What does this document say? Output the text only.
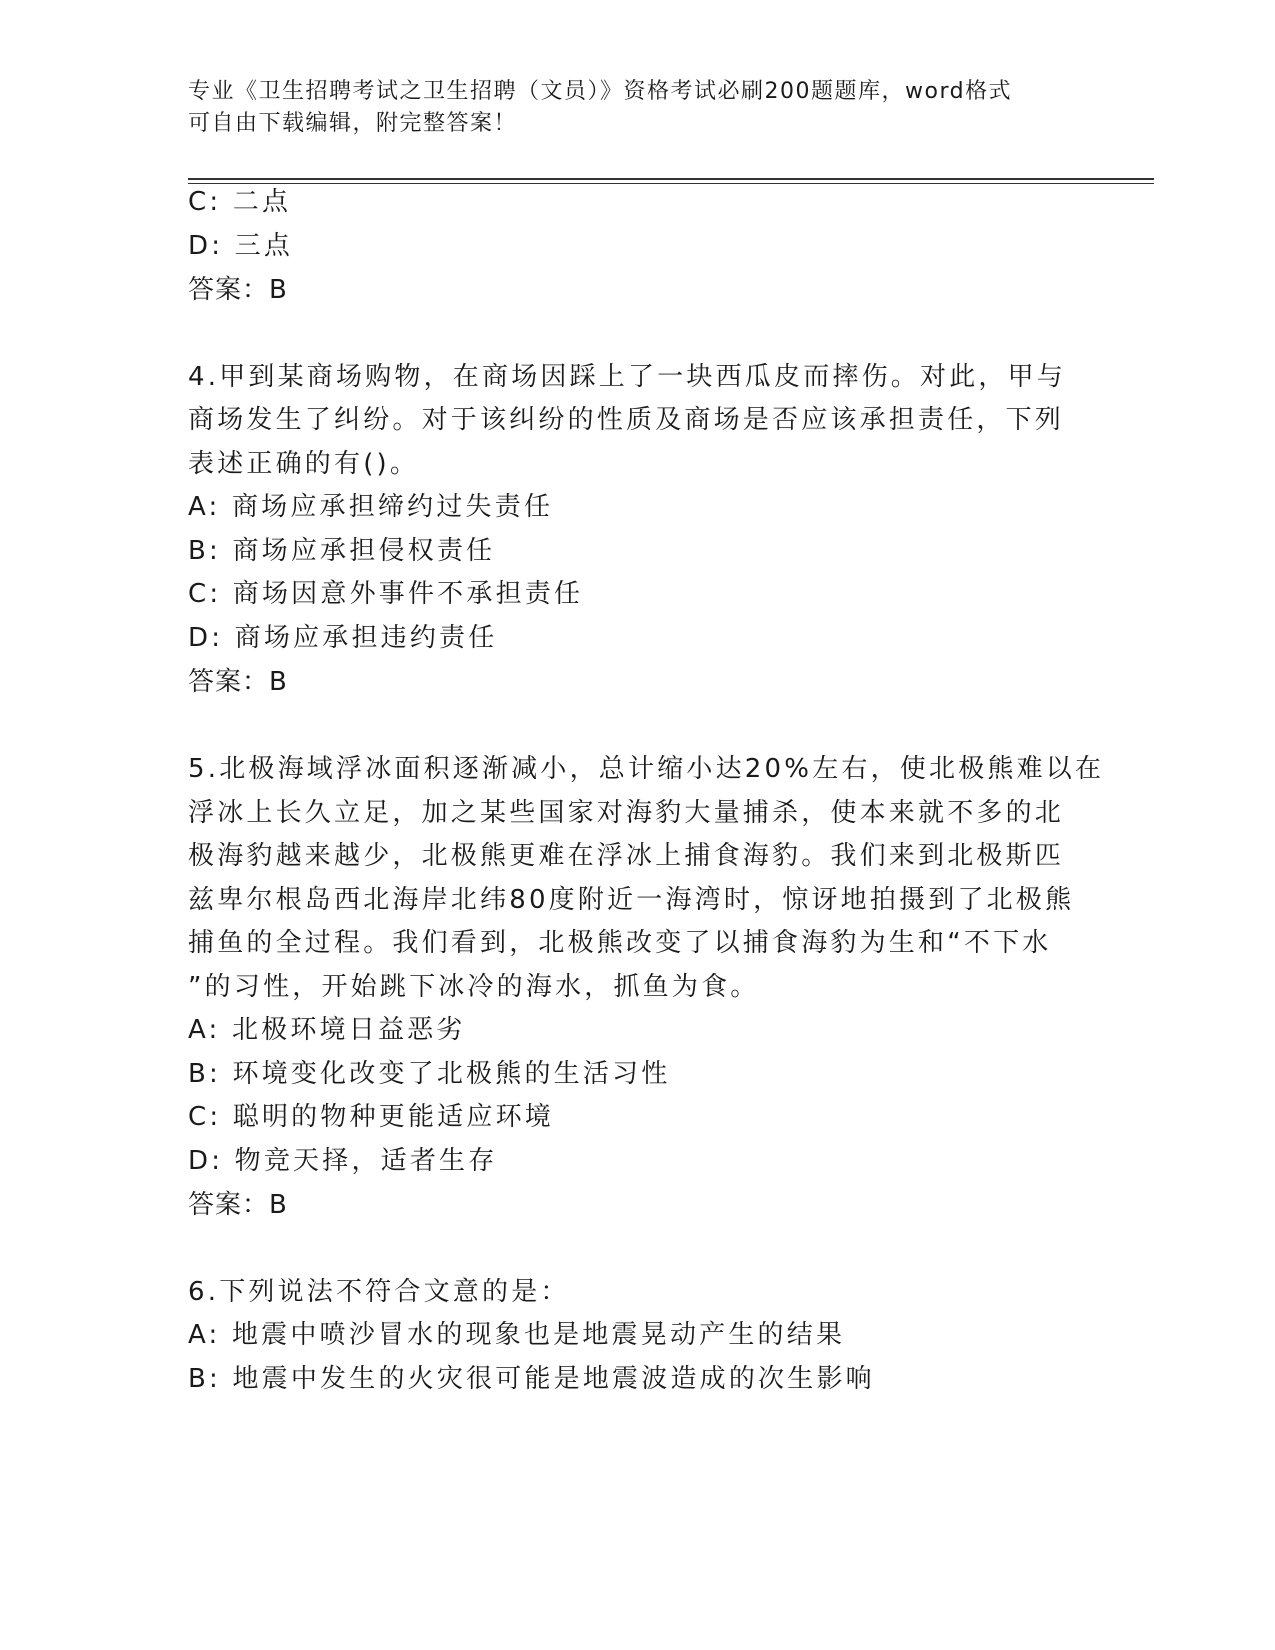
专业《卫生招聘考试之卫生招聘（文员）》资格考试必刷200题题库，word格式
可自由下载编辑，附完整答案！
C: 二点
D: 三点
答案：B
4.甲到某商场购物，在商场因踩上了一块西瓜皮而摔伤。对此，甲与
商场发生了纠纷。对于该纠纷的性质及商场是否应该承担责任，下列
表述正确的有()。
A: 商场应承担缔约过失责任
B: 商场应承担侵权责任
C: 商场因意外事件不承担责任
D: 商场应承担违约责任
答案：B
5.北极海域浮冰面积逐渐减小，总计缩小达20%左右，使北极熊难以在
浮冰上长久立足，加之某些国家对海豹大量捕杀，使本来就不多的北
极海豹越来越少，北极熊更难在浮冰上捕食海豹。我们来到北极斯匹
兹卑尔根岛西北海岸北纬80度附近一海湾时，惊讶地拍摄到了北极熊
捕鱼的全过程。我们看到，北极熊改变了以捕食海豹为生和“不下水
”的习性，开始跳下冰冷的海水，抓鱼为食。
A: 北极环境日益恶劣
B: 环境变化改变了北极熊的生活习性
C: 聪明的物种更能适应环境
D: 物竞天择，适者生存
答案：B
6.下列说法不符合文意的是：
A: 地震中喷沙冒水的现象也是地震晃动产生的结果
B: 地震中发生的火灾很可能是地震波造成的次生影响
